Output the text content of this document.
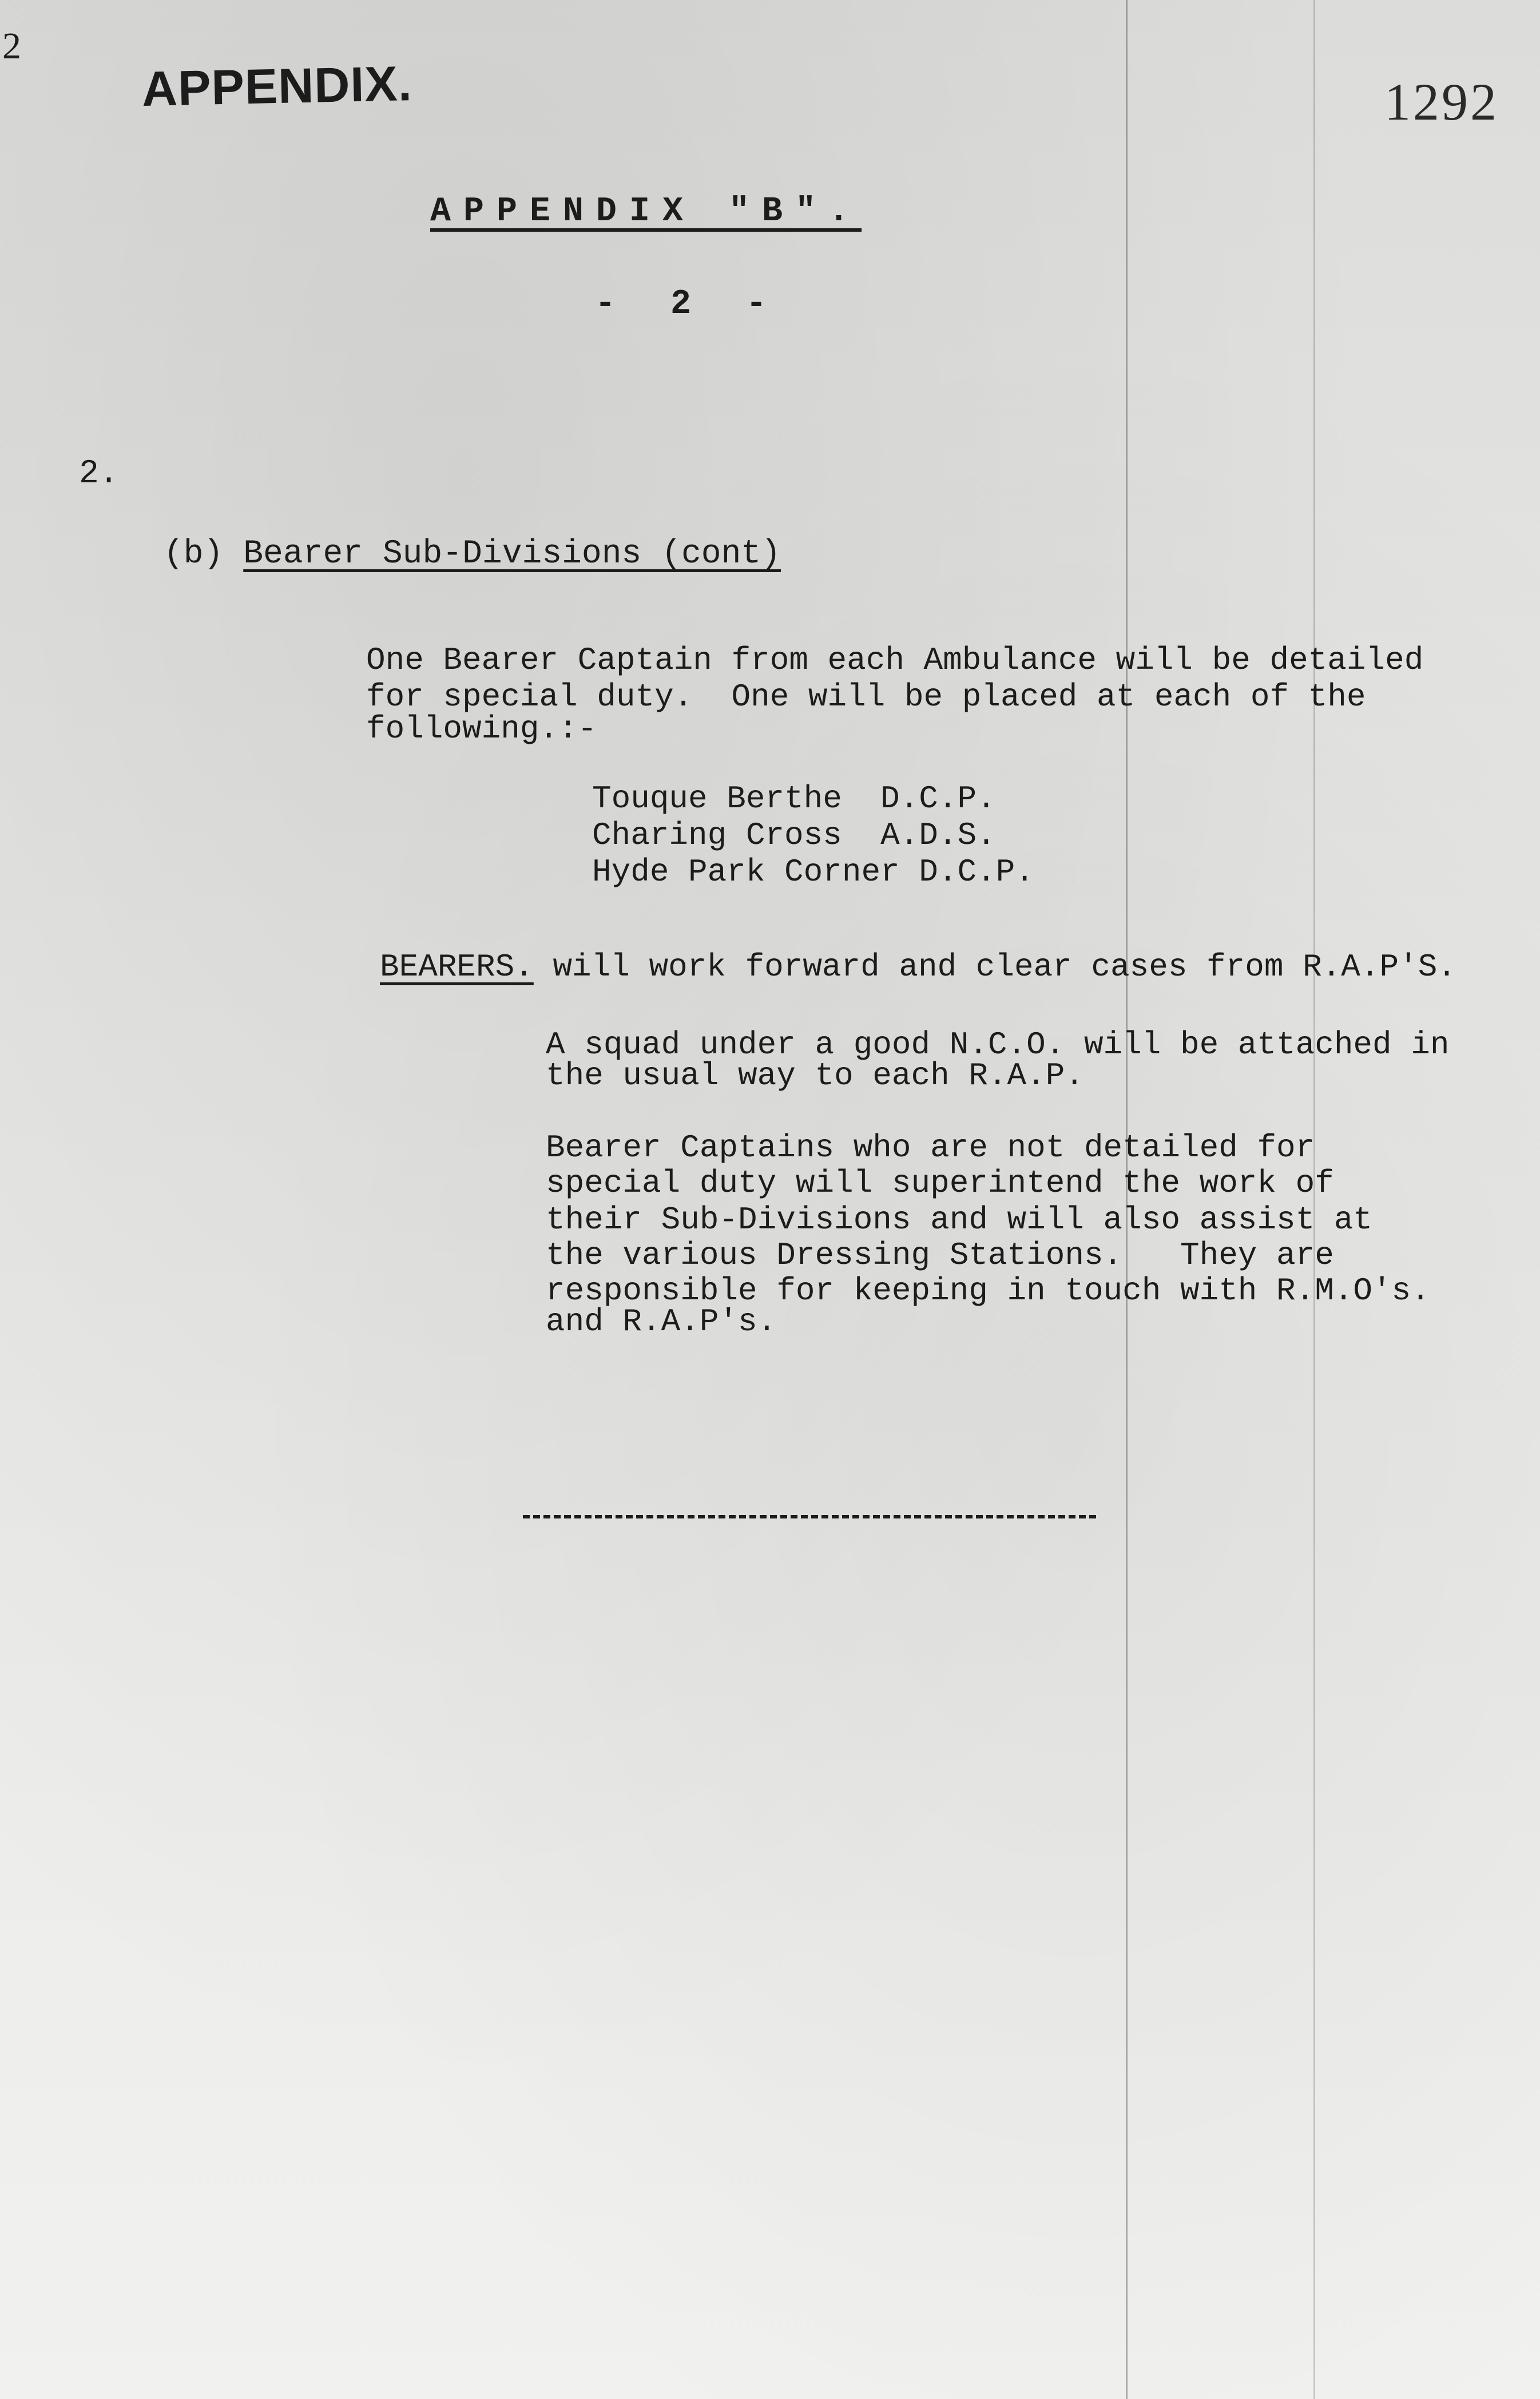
2
APPENDIX.	1292
APPENDIX "B".
- 2 -
2.
(b) Bearer Sub-Divisions (cont)
One Bearer Captain from each Ambulance will be detailed
for special duty.  One will be placed at each of the
following.:-
Touque Berthe  D.C.P.
Charing Cross  A.D.S.
Hyde Park Corner D.C.P.
BEARERS. will work forward and clear cases from R.A.P'S.
A squad under a good N.C.O. will be attached in
the usual way to each R.A.P.
Bearer Captains who are not detailed for
special duty will superintend the work of
their Sub-Divisions and will also assist at
the various Dressing Stations.   They are
responsible for keeping in touch with R.M.O's.
and R.A.P's.
